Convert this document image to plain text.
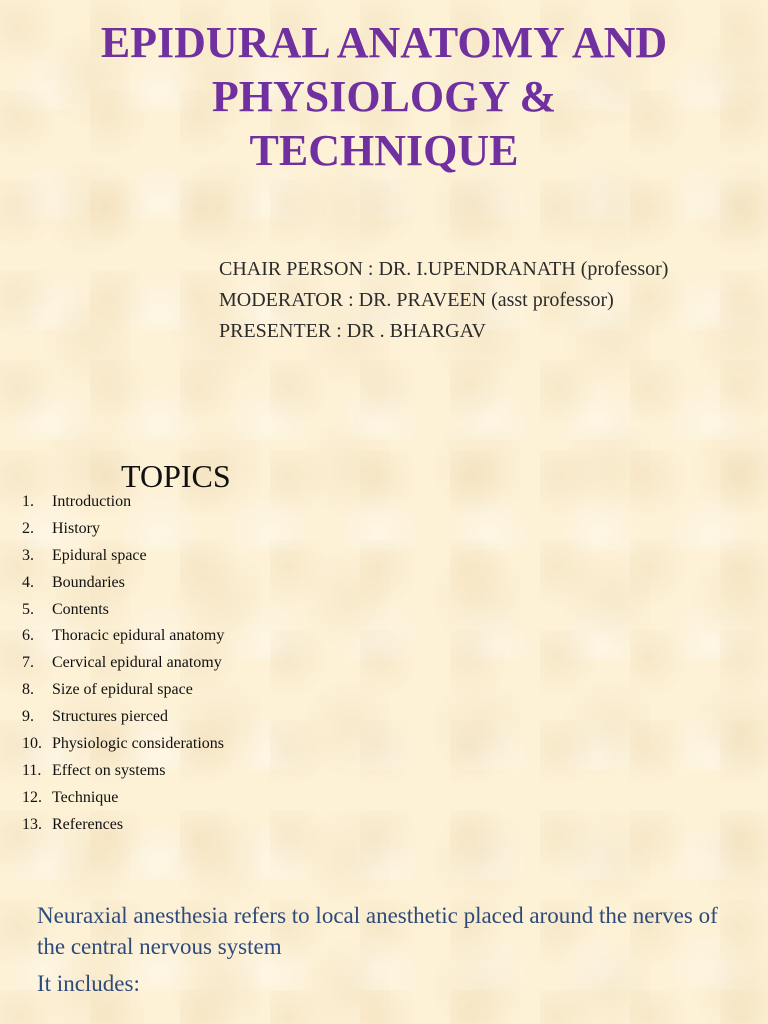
EPIDURAL ANATOMY AND
PHYSIOLOGY &
TECHNIQUE
CHAIR PERSON : DR. I.UPENDRANATH (professor)
MODERATOR : DR. PRAVEEN (asst professor)
PRESENTER : DR . BHARGAV
TOPICS
1. Introduction
2. History
3. Epidural space
4. Boundaries
5. Contents
6. Thoracic epidural anatomy
7. Cervical epidural anatomy
8. Size of epidural space
9. Structures pierced
10. Physiologic considerations
11. Effect on systems
12. Technique
13. References

Neuraxial anesthesia refers to local anesthetic placed around the nerves of the central nervous system

It includes:
